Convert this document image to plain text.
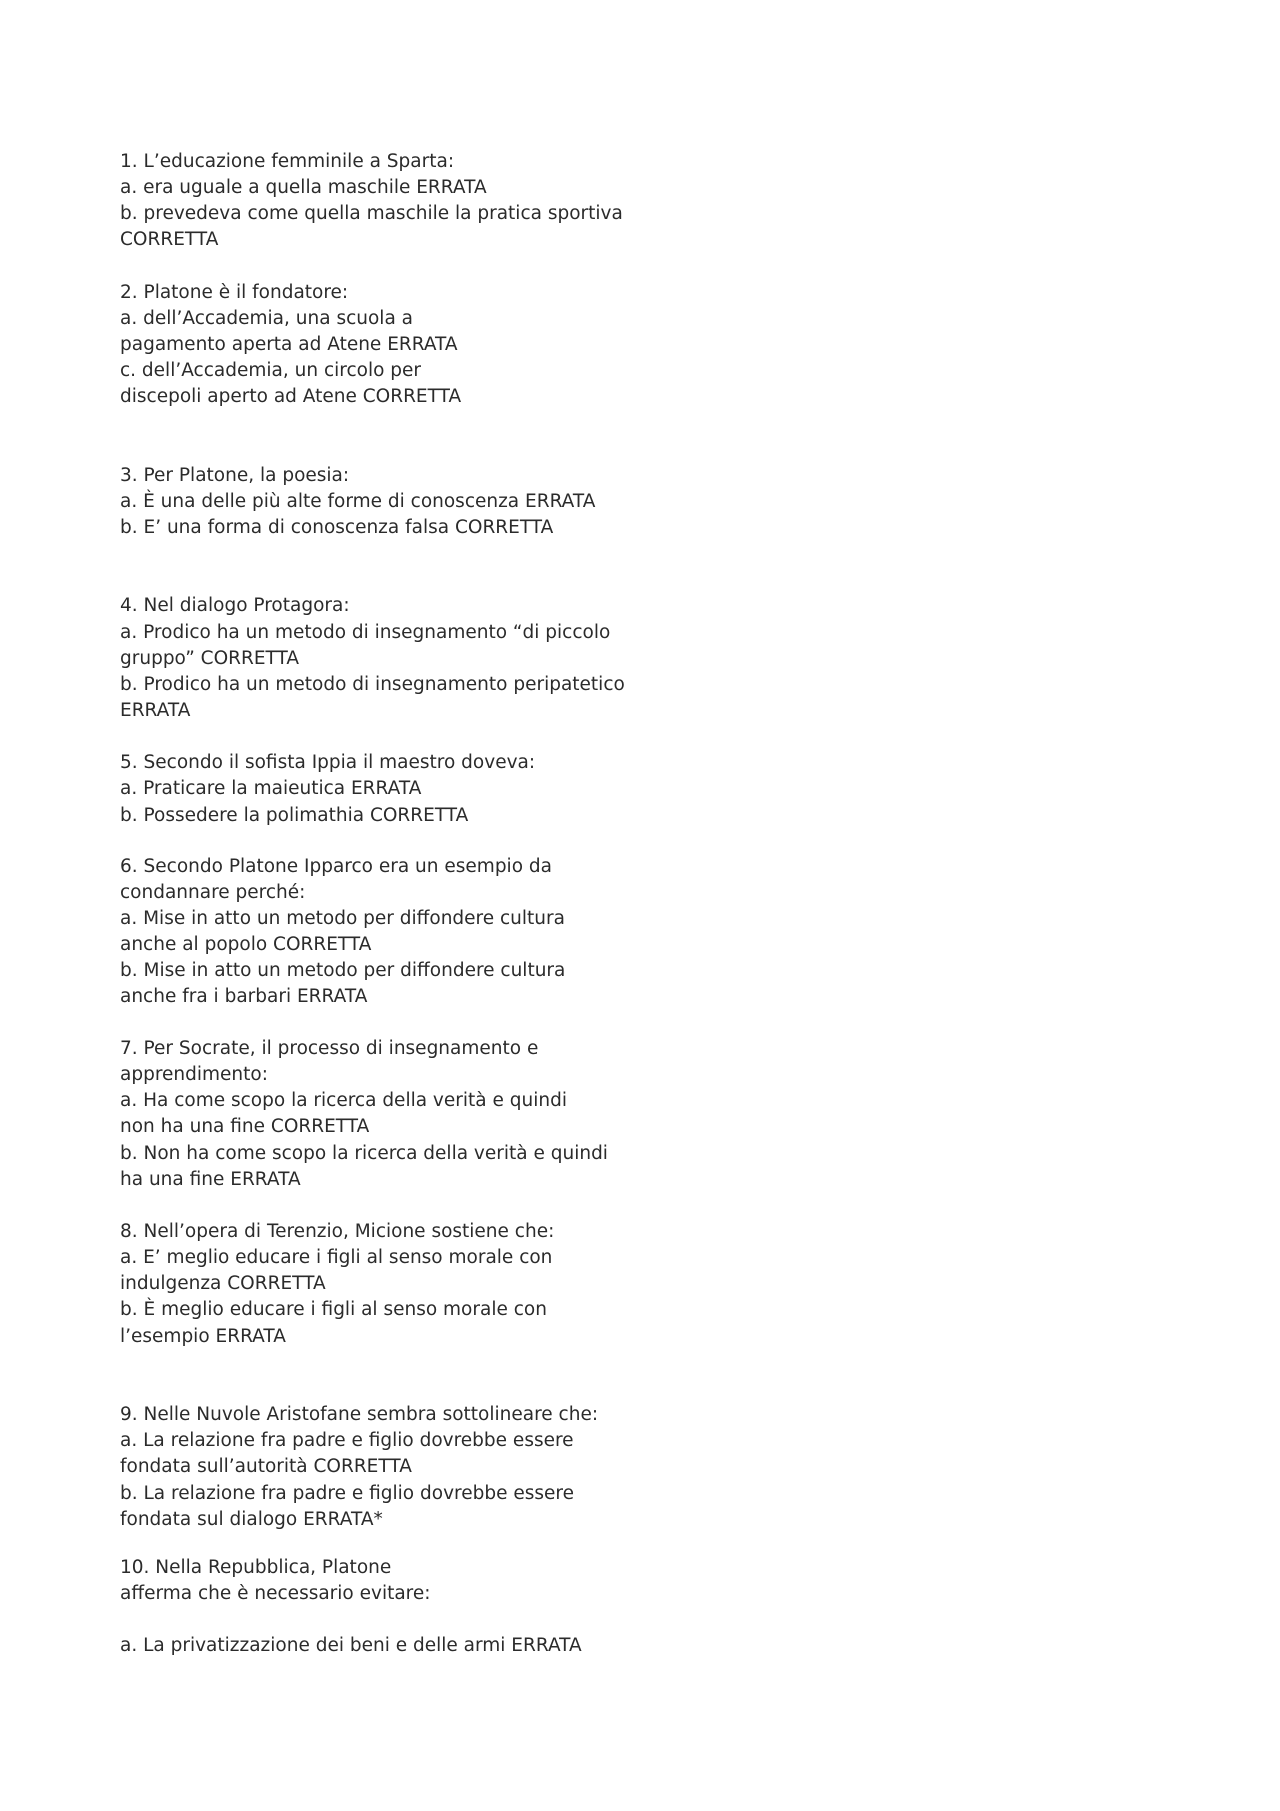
1. L’educazione femminile a Sparta:

a. era uguale a quella maschile ERRATA

b. prevedeva come quella maschile la pratica sportiva

CORRETTA

2. Platone è il fondatore:

a. dell’Accademia, una scuola a

pagamento aperta ad Atene ERRATA

c. dell’Accademia, un circolo per

discepoli aperto ad Atene CORRETTA

3. Per Platone, la poesia:

a. È una delle più alte forme di conoscenza ERRATA

b. E’ una forma di conoscenza falsa CORRETTA

4. Nel dialogo Protagora:

a. Prodico ha un metodo di insegnamento “di piccolo

gruppo” CORRETTA

b. Prodico ha un metodo di insegnamento peripatetico

ERRATA

5. Secondo il sofista Ippia il maestro doveva:

a. Praticare la maieutica ERRATA

b. Possedere la polimathia CORRETTA

6. Secondo Platone Ipparco era un esempio da

condannare perché:

a. Mise in atto un metodo per diffondere cultura

anche al popolo CORRETTA

b. Mise in atto un metodo per diffondere cultura

anche fra i barbari ERRATA

7. Per Socrate, il processo di insegnamento e

apprendimento:

a. Ha come scopo la ricerca della verità e quindi

non ha una fine CORRETTA

b. Non ha come scopo la ricerca della verità e quindi

ha una fine ERRATA

8. Nell’opera di Terenzio, Micione sostiene che:

a. E’ meglio educare i figli al senso morale con

indulgenza CORRETTA

b. È meglio educare i figli al senso morale con

l’esempio ERRATA

9. Nelle Nuvole Aristofane sembra sottolineare che:

a. La relazione fra padre e figlio dovrebbe essere

fondata sull’autorità CORRETTA

b. La relazione fra padre e figlio dovrebbe essere

fondata sul dialogo ERRATA*

10. Nella Repubblica, Platone

afferma che è necessario evitare:

a. La privatizzazione dei beni e delle armi ERRATA
